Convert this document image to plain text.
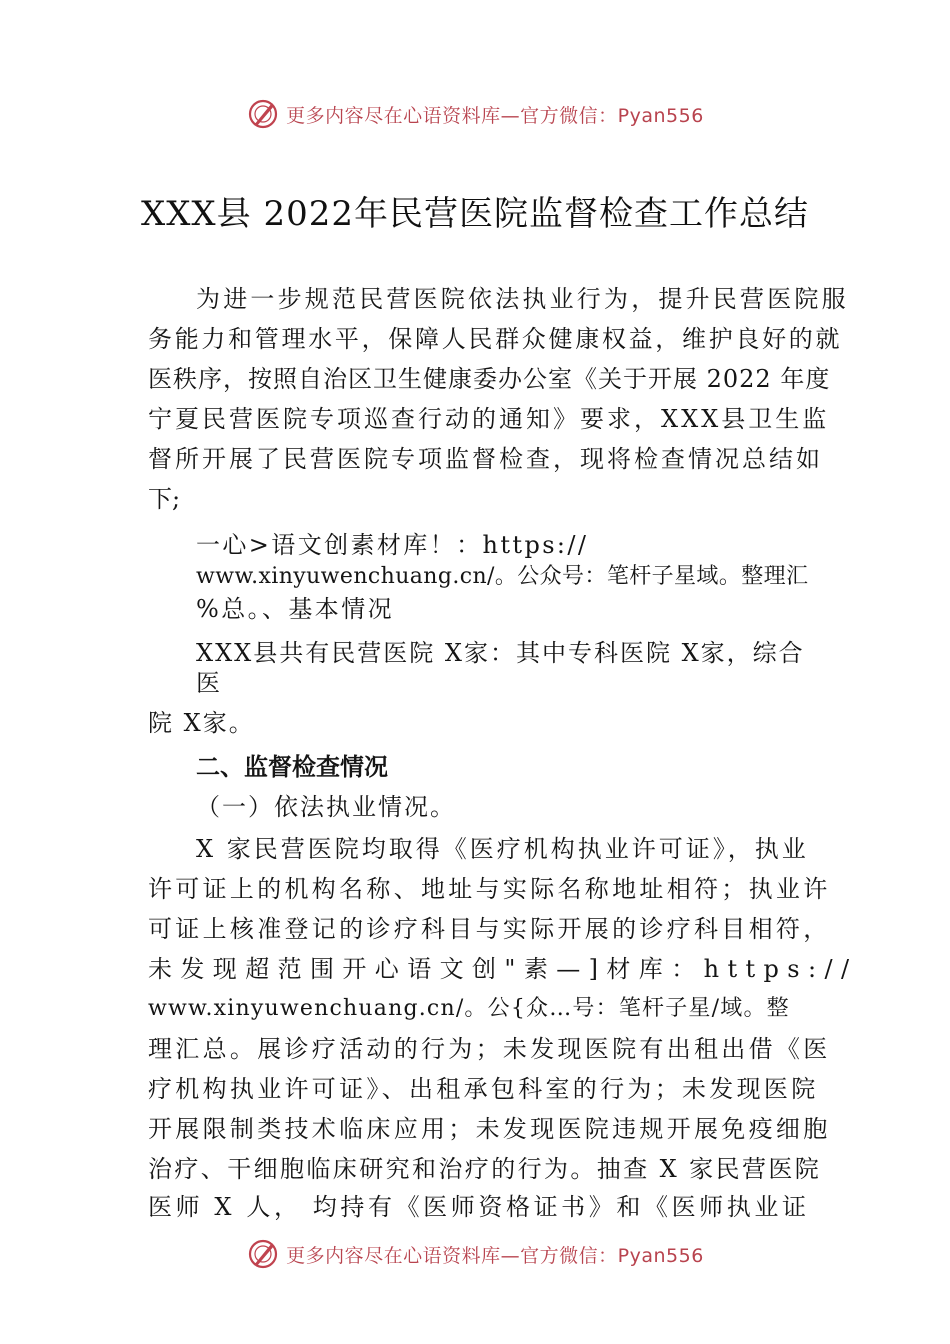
更多内容尽在心语资料库—官方微信：Pyan556
XXX县 2022年民营医院监督检查工作总结
为进一步规范民营医院依法执业行为，提升民营医院服
务能力和管理水平，保障人民群众健康权益，维护良好的就
医秩序，按照自治区卫生健康委办公室《关于开展 2022 年度
宁夏民营医院专项巡查行动的通知》要求，XXX县卫生监
督所开展了民营医院专项监督检查，现将检查情况总结如
下;
一心>语文创素材库！：https://
www.xinyuwenchuang.cn/。公众号：笔杆子星域。整理汇
%总。、基本情况
XXX县共有民营医院 X家：其中专科医院 X家，综合
医
院 X家。
二、监督检查情况
（一）依法执业情况。
X 家民营医院均取得《医疗机构执业许可证》，执业
许可证上的机构名称、地址与实际名称地址相符；执业许
可证上核准登记的诊疗科目与实际开展的诊疗科目相符，
未发现超范围开心语文创"素—]材库：https://
www.xinyuwenchuang.cn/。公{众…号：笔杆子星/域。整
理汇总。展诊疗活动的行为；未发现医院有出租出借《医
疗机构执业许可证》、出租承包科室的行为；未发现医院
开展限制类技术临床应用；未发现医院违规开展免疫细胞
治疗、干细胞临床研究和治疗的行为。抽查 X 家民营医院
医师 X 人， 均持有《医师资格证书》和《医师执业证
更多内容尽在心语资料库—官方微信：Pyan556
